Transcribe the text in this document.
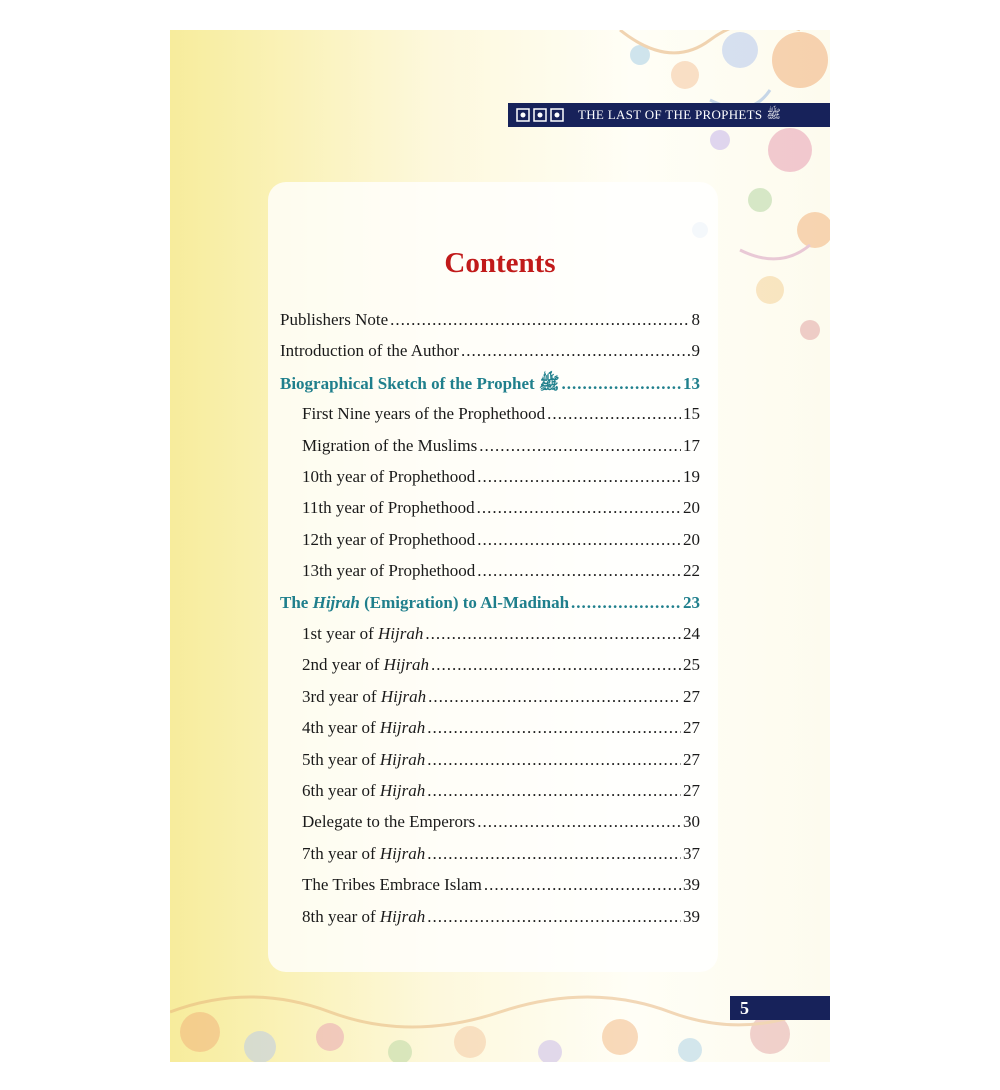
THE LAST OF THE PROPHETS ﷺ
Contents
Publishers Note .....	8
Introduction of the Author .....	9
Biographical Sketch of the Prophet ﷺ .....	13
First Nine years of the Prophethood .....	15
Migration of the Muslims .....	17
10th year of Prophethood .....	19
11th year of Prophethood .....	20
12th year of Prophethood .....	20
13th year of Prophethood .....	22
The Hijrah (Emigration) to Al-Madinah .....	23
1st year of Hijrah .....	24
2nd year of Hijrah .....	25
3rd year of Hijrah .....	27
4th year of Hijrah .....	27
5th year of Hijrah .....	27
6th year of Hijrah .....	27
Delegate to the Emperors .....	30
7th year of Hijrah .....	37
The Tribes Embrace Islam .....	39
8th year of Hijrah .....	39
5
